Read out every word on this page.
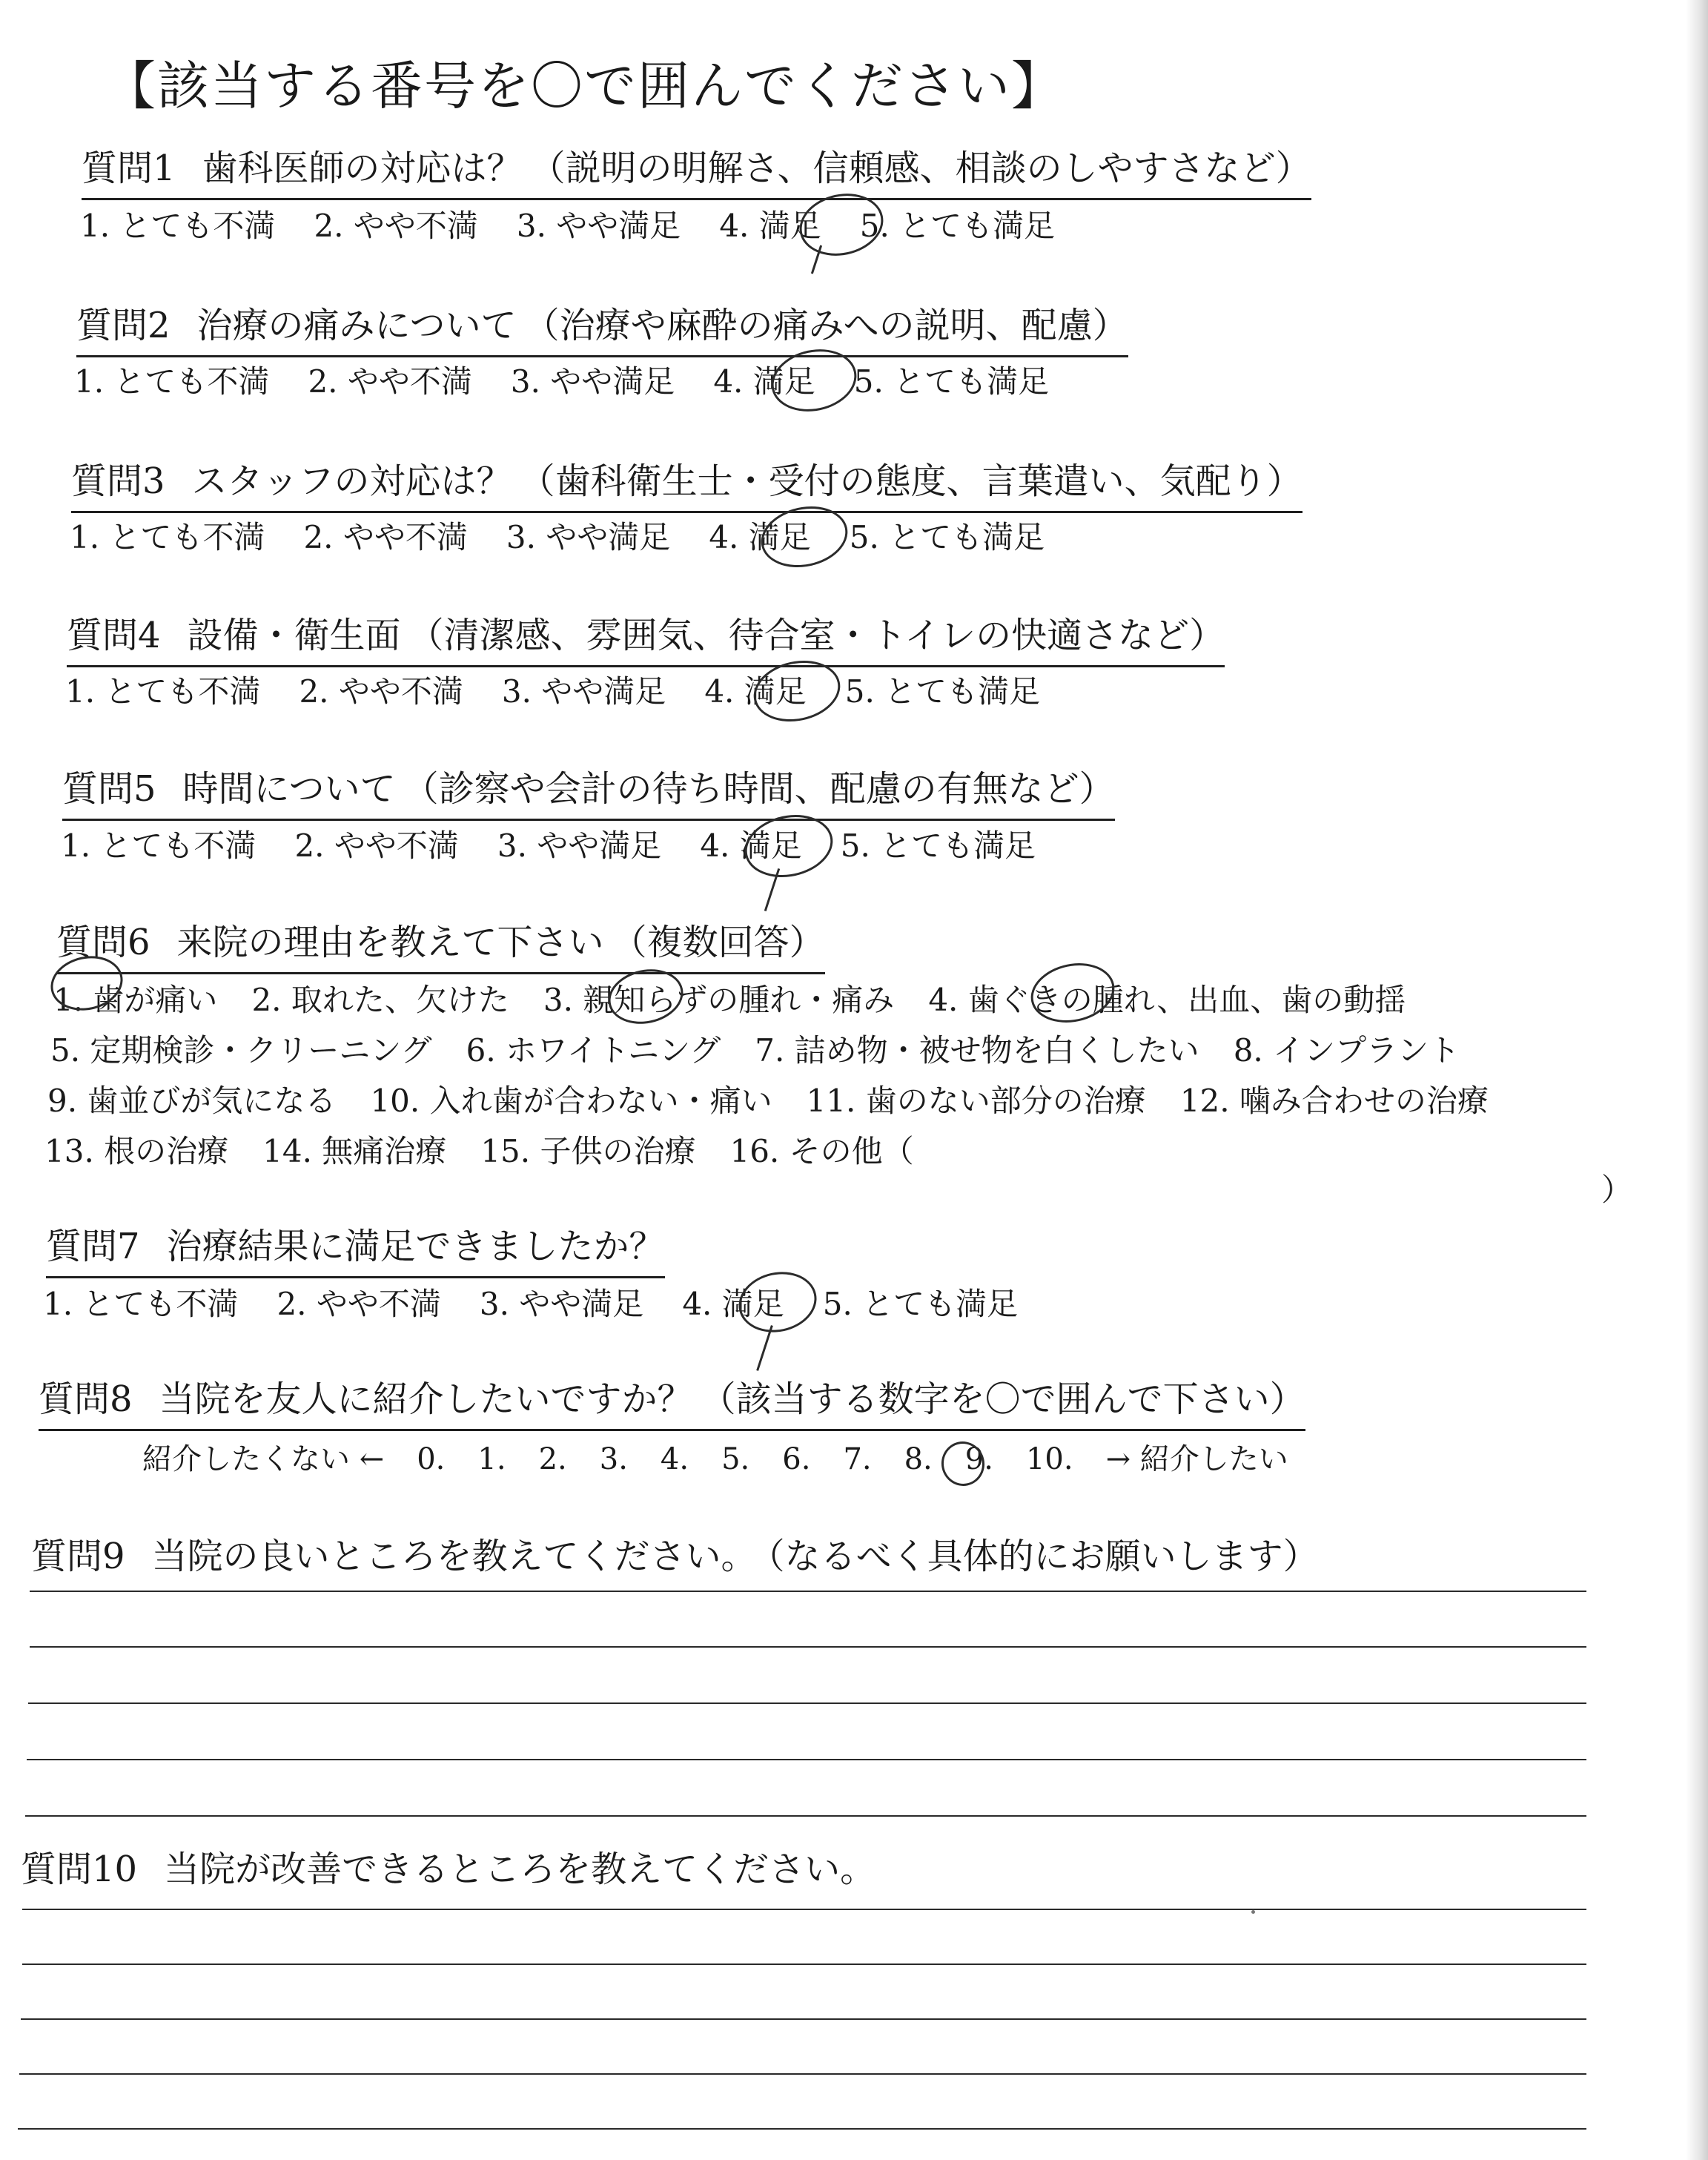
【該当する番号を〇で囲んでください】
質問1 歯科医師の対応は？ （説明の明解さ、信頼感、相談のしやすさなど）
1. とても不満 2. やや不満 3. やや満足 4. 満足 5. とても満足
質問2 治療の痛みについて （治療や麻酔の痛みへの説明、配慮）
1. とても不満 2. やや不満 3. やや満足 4. 満足 5. とても満足
質問3 スタッフの対応は？ （歯科衛生士・受付の態度、言葉遣い、気配り）
1. とても不満 2. やや不満 3. やや満足 4. 満足 5. とても満足
質問4 設備・衛生面 （清潔感、雰囲気、待合室・トイレの快適さなど）
1. とても不満 2. やや不満 3. やや満足 4. 満足 5. とても満足
質問5 時間について （診察や会計の待ち時間、配慮の有無など）
1. とても不満 2. やや不満 3. やや満足 4. 満足 5. とても満足
質問6 来院の理由を教えて下さい （複数回答）
1. 歯が痛い 2. 取れた、欠けた 3. 親知らずの腫れ・痛み 4. 歯ぐきの腫れ、出血、歯の動揺
5. 定期検診・クリーニング 6. ホワイトニング 7. 詰め物・被せ物を白くしたい 8. インプラント
9. 歯並びが気になる 10. 入れ歯が合わない・痛い 11. 歯のない部分の治療 12. 噛み合わせの治療
13. 根の治療 14. 無痛治療 15. 子供の治療 16. その他（
）
質問7 治療結果に満足できましたか？
1. とても不満 2. やや不満 3. やや満足 4. 満足 5. とても満足
質問8 当院を友人に紹介したいですか？ （該当する数字を〇で囲んで下さい）
紹介したくない ← 0. 1. 2. 3. 4. 5. 6. 7. 8. 9. 10. → 紹介したい
質問9 当院の良いところを教えてください。 （なるべく具体的にお願いします）
質問10 当院が改善できるところを教えてください。
